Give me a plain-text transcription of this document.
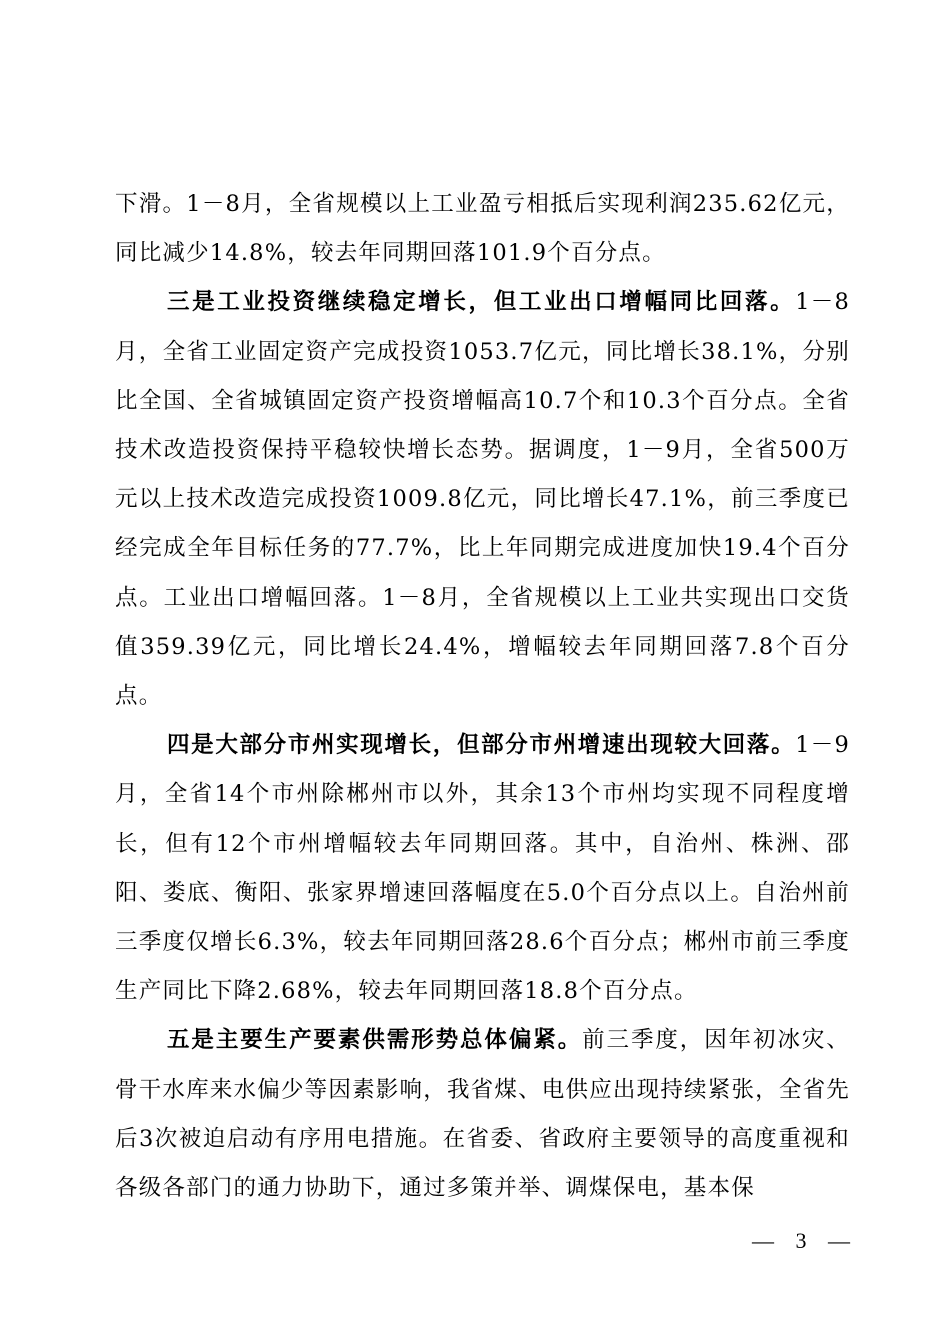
下滑。1－8月，全省规模以上工业盈亏相抵后实现利润235.62亿元，同比减少14.8%，较去年同期回落101.9个百分点。

三是工业投资继续稳定增长，但工业出口增幅同比回落。1－8月，全省工业固定资产完成投资1053.7亿元，同比增长38.1%，分别比全国、全省城镇固定资产投资增幅高10.7个和10.3个百分点。全省技术改造投资保持平稳较快增长态势。据调度，1－9月，全省500万元以上技术改造完成投资1009.8亿元，同比增长47.1%，前三季度已经完成全年目标任务的77.7%，比上年同期完成进度加快19.4个百分点。工业出口增幅回落。1－8月，全省规模以上工业共实现出口交货值359.39亿元，同比增长24.4%，增幅较去年同期回落7.8个百分点。

四是大部分市州实现增长，但部分市州增速出现较大回落。1－9月，全省14个市州除郴州市以外，其余13个市州均实现不同程度增长，但有12个市州增幅较去年同期回落。其中，自治州、株洲、邵阳、娄底、衡阳、张家界增速回落幅度在5.0个百分点以上。自治州前三季度仅增长6.3%，较去年同期回落28.6个百分点；郴州市前三季度生产同比下降2.68%，较去年同期回落18.8个百分点。

五是主要生产要素供需形势总体偏紧。前三季度，因年初冰灾、骨干水库来水偏少等因素影响，我省煤、电供应出现持续紧张，全省先后3次被迫启动有序用电措施。在省委、省政府主要领导的高度重视和各级各部门的通力协助下，通过多策并举、调煤保电，基本保

— 3 —
